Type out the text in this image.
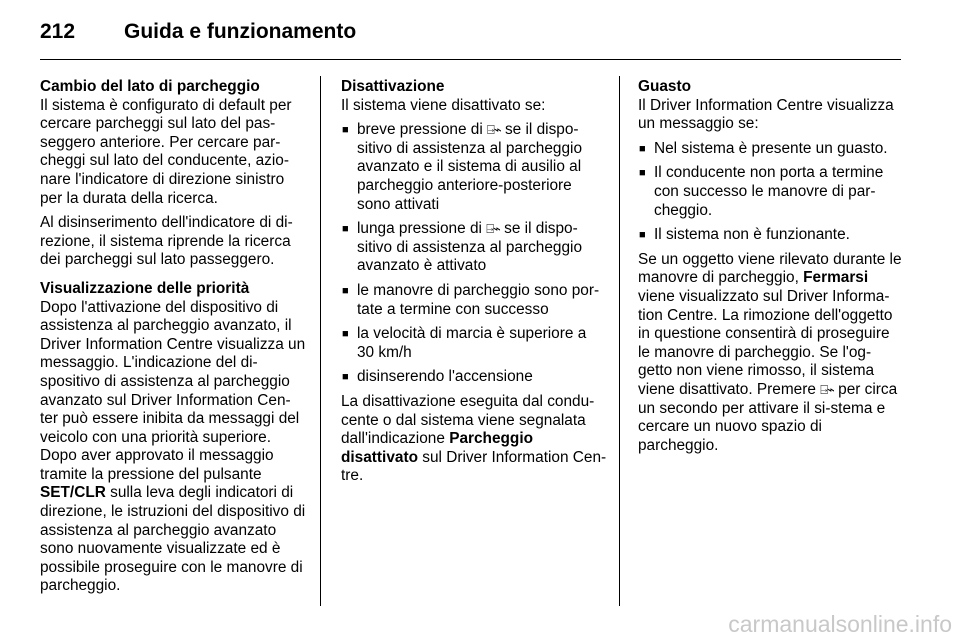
212	Guida e funzionamento
Cambio del lato di parcheggio

Il sistema è configurato di default per cercare parcheggi sul lato del pas-seggero anteriore. Per cercare par-cheggi sul lato del conducente, azio-nare l'indicatore di direzione sinistro per la durata della ricerca.

Al disinserimento dell'indicatore di di-rezione, il sistema riprende la ricerca dei parcheggi sul lato passeggero.

Visualizzazione delle priorità

Dopo l'attivazione del dispositivo di assistenza al parcheggio avanzato, il Driver Information Centre visualizza un messaggio. L'indicazione del di-spositivo di assistenza al parcheggio avanzato sul Driver Information Cen-ter può essere inibita da messaggi del veicolo con una priorità superiore. Dopo aver approvato il messaggio tramite la pressione del pulsante SET/CLR sulla leva degli indicatori di direzione, le istruzioni del dispositivo di assistenza al parcheggio avanzato sono nuovamente visualizzate ed è possibile proseguire con le manovre di parcheggio.

Disattivazione

Il sistema viene disattivato se:

■ breve pressione di ⍈⌁ se il dispo-sitivo di assistenza al parcheggio avanzato e il sistema di ausilio al parcheggio anteriore-posteriore sono attivati
■ lunga pressione di ⍈⌁ se il dispo-sitivo di assistenza al parcheggio avanzato è attivato
■ le manovre di parcheggio sono por-tate a termine con successo
■ la velocità di marcia è superiore a 30 km/h
■ disinserendo l'accensione

La disattivazione eseguita dal condu-cente o dal sistema viene segnalata dall'indicazione Parcheggio disattivato sul Driver Information Cen-tre.

Guasto

Il Driver Information Centre visualizza un messaggio se:

■ Nel sistema è presente un guasto.
■ Il conducente non porta a termine con successo le manovre di par-cheggio.
■ Il sistema non è funzionante.

Se un oggetto viene rilevato durante le manovre di parcheggio, Fermarsi viene visualizzato sul Driver Informa-tion Centre. La rimozione dell'oggetto in questione consentirà di proseguire le manovre di parcheggio. Se l'og-getto non viene rimosso, il sistema viene disattivato. Premere ⍈⌁ per circa un secondo per attivare il si-stema e cercare un nuovo spazio di parcheggio.

carmanualsonline.info
